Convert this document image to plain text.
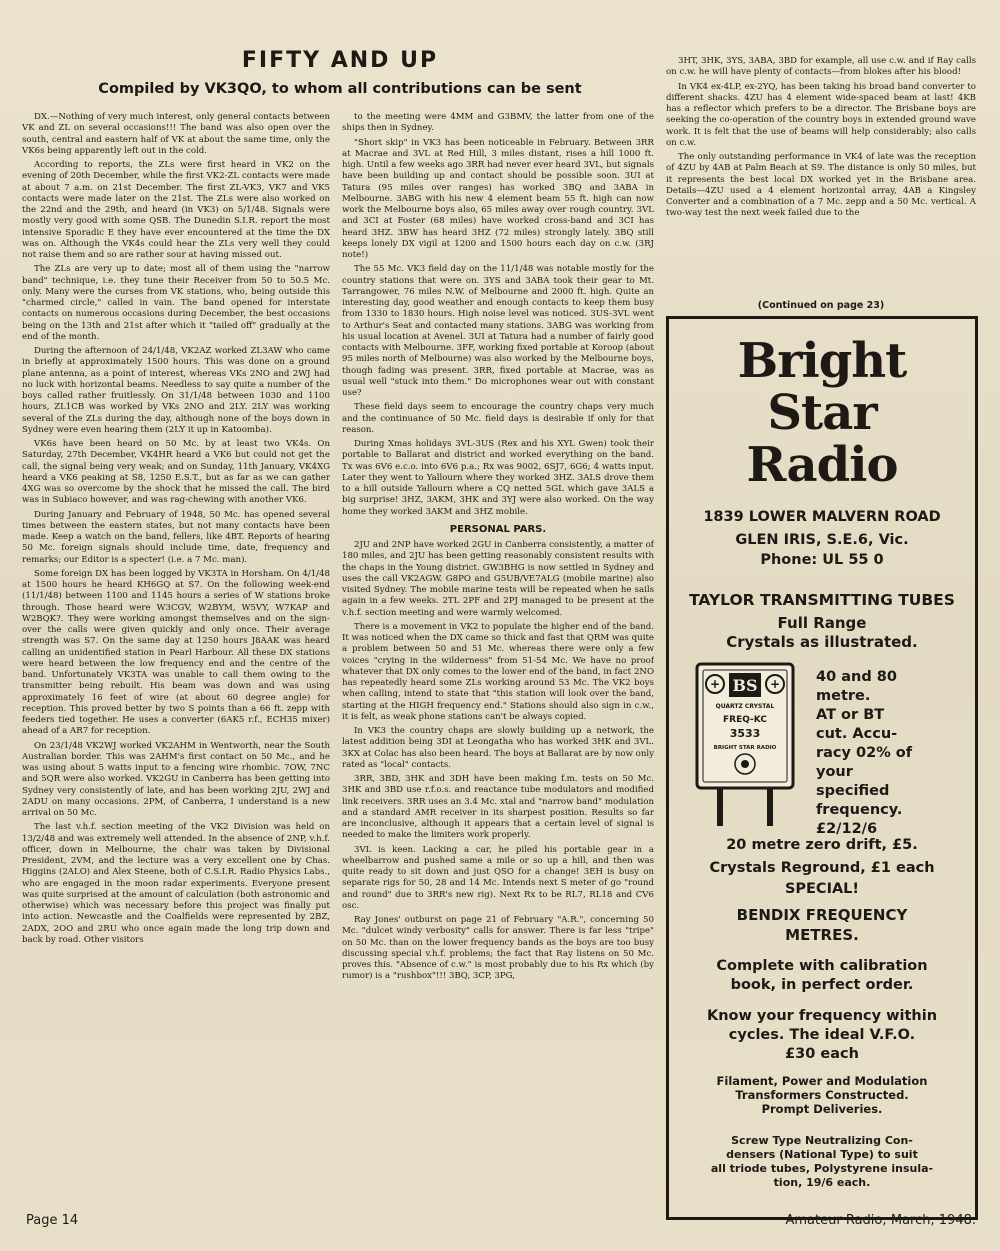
FIFTY AND UP
Compiled by VK3QO, to whom all contributions can be sent

DX.—Nothing of very much interest, only general contacts between VK and ZL on several occasions!!! The band was also open over the south, central and eastern half of VK at about the same time, only the VK6s being apparently left out in the cold.

According to reports, the ZLs were first heard in VK2 on the evening of 20th December, while the first VK2-ZL contacts were made at about 7 a.m. on 21st December. The first ZL-VK3, VK7 and VK5 contacts were made later on the 21st. The ZLs were also worked on the 22nd and the 29th, and heard (in VK3) on 5/1/48. Signals were mostly very good with some QSB. The Dunedin S.I.R. report the most intensive Sporadic E they have ever encountered at the time the DX was on. Although the VK4s could hear the ZLs very well they could not raise them and so are rather sour at having missed out.

The ZLs are very up to date; most all of them using the "narrow band" technique, i.e. they tune their Receiver from 50 to 50.5 Mc. only. Many were the curses from VK stations, who, being outside this "charmed circle," called in vain. The band opened for interstate contacts on numerous occasions during December, the best occasions being on the 13th and 21st after which it "tailed off" gradually at the end of the month.

During the afternoon of 24/1/48, VK2AZ worked ZL3AW who came in briefly at approximately 1500 hours. This was done on a ground plane antenna, as a point of interest, whereas VKs 2NO and 2WJ had no luck with horizontal beams. Needless to say quite a number of the boys called rather fruitlessly. On 31/1/48 between 1030 and 1100 hours, ZL1CB was worked by VKs 2NO and 2LY. 2LY was working several of the ZLs during the day, although none of the boys down in Sydney were even hearing them (2LY it up in Katoomba).

VK6s have been heard on 50 Mc. by at least two VK4s. On Saturday, 27th December, VK4HR heard a VK6 but could not get the call, the signal being very weak; and on Sunday, 11th January, VK4XG heard a VK6 peaking at S8, 1250 E.S.T., but as far as we can gather 4XG was so overcome by the shock that he missed the call. The bird was in Subiaco however, and was rag-chewing with another VK6.

During January and February of 1948, 50 Mc. has opened several times between the eastern states, but not many contacts have been made. Keep a watch on the band, fellers, like 4BT. Reports of hearing 50 Mc. foreign signals should include time, date, frequency and remarks; our Editor is a specter! (i.e. a 7 Mc. man).

Some foreign DX has been logged by VK3TA in Horsham. On 4/1/48 at 1500 hours he heard KH6GQ at S7. On the following week-end (11/1/48) between 1100 and 1145 hours a series of W stations broke through. Those heard were W3CGV, W2BYM, W5VY, W7KAP and W2BQK?. They were working amongst themselves and on the sign-over the calls were given quickly and only once. Their average strength was S7. On the same day at 1250 hours J8AAK was heard calling an unidentified station in Pearl Harbour. All these DX stations were heard between the low frequency end and the centre of the band. Unfortunately VK3TA was unable to call them owing to the transmitter being rebuilt. His beam was down and was using approximately 16 feet of wire (at about 60 degree angle) for reception. This proved better by two S points than a 66 ft. zepp with feeders tied together. He uses a converter (6AK5 r.f., ECH35 mixer) ahead of a AR7 for reception.

On 23/1/48 VK2WJ worked VK2AHM in Wentworth, near the South Australian border. This was 2AHM's first contact on 50 Mc., and he was using about 5 watts input to a fencing wire rhombic. 7OW, 7NC and 5QR were also worked. VK2GU in Canberra has been getting into Sydney very consistently of late, and has been working 2JU, 2WJ and 2ADU on many occasions. 2PM, of Canberra, I understand is a new arrival on 50 Mc.

The last v.h.f. section meeting of the VK2 Division was held on 13/2/48 and was extremely well attended. In the absence of 2NP, v.h.f. officer, down in Melbourne, the chair was taken by Divisional President, 2VM, and the lecture was a very excellent one by Chas. Higgins (2ALO) and Alex Steene, both of C.S.I.R. Radio Physics Labs., who are engaged in the moon radar experiments. Everyone present was quite surprised at the amount of calculation (both astronomic and otherwise) which was necessary before this project was finally put into action. Newcastle and the Coalfields were represented by 2BZ, 2ADX, 2OO and 2RU who once again made the long trip down and back by road. Other visitors

to the meeting were 4MM and G3BMV, the latter from one of the ships then in Sydney.

"Short skip" in VK3 has been noticeable in February. Between 3RR at Macrae and 3VL at Red Hill, 3 miles distant, rises a hill 1000 ft. high. Until a few weeks ago 3RR had never ever heard 3VL, but signals have been building up and contact should be possible soon. 3UI at Tatura (95 miles over ranges) has worked 3BQ and 3ABA in Melbourne. 3ABG with his new 4 element beam 55 ft. high can now work the Melbourne boys also, 65 miles away over rough country. 3VL and 3CI at Foster (68 miles) have worked cross-band and 3CI has heard 3HZ. 3BW has heard 3HZ (72 miles) strongly lately. 3BQ still keeps lonely DX vigil at 1200 and 1500 hours each day on c.w. (3RJ note!)

The 55 Mc. VK3 field day on the 11/1/48 was notable mostly for the country stations that were on. 3YS and 3ABA took their gear to Mt. Tarrangower, 76 miles N.W. of Melbourne and 2000 ft. high. Quite an interesting day, good weather and enough contacts to keep them busy from 1330 to 1830 hours. High noise level was noticed. 3US-3VL went to Arthur's Seat and contacted many stations. 3ABG was working from his usual location at Avenel. 3UI at Tatura had a number of fairly good contacts with Melbourne. 3FF, working fixed portable at Koroop (about 95 miles north of Melbourne) was also worked by the Melbourne boys, though fading was present. 3RR, fixed portable at Macrae, was as usual well "stuck into them." Do microphones wear out with constant use?

These field days seem to encourage the country chaps very much and the continuance of 50 Mc. field days is desirable if only for that reason.

During Xmas holidays 3VL-3US (Rex and his XYL Gwen) took their portable to Ballarat and district and worked everything on the band. Tx was 6V6 e.c.o. into 6V6 p.a.; Rx was 9002, 6SJ7, 6G6; 4 watts input. Later they went to Yallourn where they worked 3HZ. 3ALS drove them to a hill outside Yallourn where a CQ netted 5GL which gave 3ALS a big surprise! 3HZ, 3AKM, 3HK and 3YJ were also worked. On the way home they worked 3AKM and 3HZ mobile.

PERSONAL PARS.

2JU and 2NP have worked 2GU in Canberra consistently, a matter of 180 miles, and 2JU has been getting reasonably consistent results with the chaps in the Young district. GW3BHG is now settled in Sydney and uses the call VK2AGW. G8PO and G5UB/VE7ALG (mobile marine) also visited Sydney. The mobile marine tests will be repeated when he sails again in a few weeks. 2TL 2PF and 2PJ managed to be present at the v.h.f. section meeting and were warmly welcomed.

There is a movement in VK2 to populate the higher end of the band. It was noticed when the DX came so thick and fast that QRM was quite a problem between 50 and 51 Mc. whereas there were only a few voices "crying in the wilderness" from 51-54 Mc. We have no proof whatever that DX only comes to the lower end of the band, in fact 2NO has repeatedly heard some ZLs working around 53 Mc. The VK2 boys when calling, intend to state that "this station will look over the band, starting at the HIGH frequency end." Stations should also sign in c.w., it is felt, as weak phone stations can't be always copied.

In VK3 the country chaps are slowly building up a network, the latest addition being 3DI at Leongatha who has worked 3HK and 3VL. 3KX at Colac has also been heard. The boys at Ballarat are by now only rated as "local" contacts.

3RR, 3BD, 3HK and 3DH have been making f.m. tests on 50 Mc. 3HK and 3BD use r.f.o.s. and reactance tube modulators and modified link receivers. 3RR uses an 3.4 Mc. xtal and "narrow band" modulation and a standard AMR receiver in its sharpest position. Results so far are inconclusive, although it appears that a certain level of signal is needed to make the limiters work properly.

3VL is keen. Lacking a car, he piled his portable gear in a wheelbarrow and pushed same a mile or so up a hill, and then was quite ready to sit down and just QSO for a change! 3EH is busy on separate rigs for 50, 28 and 14 Mc. Intends next S meter of go "round and round" due to 3RR's new rig). Next Rx to be RL7, RL18 and CV6 osc.

Ray Jones' outburst on page 21 of February "A.R.", concerning 50 Mc. "dulcet windy verbosity" calls for answer. There is far less "tripe" on 50 Mc. than on the lower frequency bands as the boys are too busy discussing special v.h.f. problems; the fact that Ray listens on 50 Mc. proves this. "Absence of c.w." is most probably due to his Rx which (by rumor) is a "rushbox"!!! 3BQ, 3CP, 3PG,

3HT, 3HK, 3YS, 3ABA, 3BD for example, all use c.w. and if Ray calls on c.w. he will have plenty of contacts—from blokes after his blood!

In VK4 ex-4LP, ex-2YQ, has been taking his broad band converter to different shacks. 4ZU has 4 element wide-spaced beam at last! 4KB has a reflector which prefers to be a director. The Brisbane boys are seeking the co-operation of the country boys in extended ground wave work. It is felt that the use of beams will help considerably; also calls on c.w.

The only outstanding performance in VK4 of late was the reception of 4ZU by 4AB at Palm Beach at S9. The distance is only 50 miles, but it represents the best local DX worked yet in the Brisbane area. Details—4ZU used a 4 element horizontal array, 4AB a Kingsley Converter and a combination of a 7 Mc. zepp and a 50 Mc. vertical. A two-way test the next week failed due to the

(Continued on page 23)
Bright Star
Radio
1839 LOWER MALVERN ROAD
GLEN IRIS, S.E.6, Vic.
Phone: UL 55 0
TAYLOR TRANSMITTING TUBES
Full Range
Crystals as illustrated.
+	+
BS
QUARTZ CRYSTAL
FREQ-KC
3533
BRIGHT STAR RADIO
40 and 80
metre.
AT or BT
cut. Accu-
racy 02% of
your
specified
frequency.
£2/12/6
20 metre zero drift, £5.
Crystals Reground, £1 each
SPECIAL!
BENDIX FREQUENCY
METRES.
Complete with calibration
book, in perfect order.
Know your frequency within
cycles. The ideal V.F.O.
£30 each
Filament, Power and Modulation
Transformers Constructed.
Prompt Deliveries.
Screw Type Neutralizing Con-
densers (National Type) to suit
all triode tubes, Polystyrene insula-
tion, 19/6 each.
Page 14	Amateur Radio; March, 1948.
